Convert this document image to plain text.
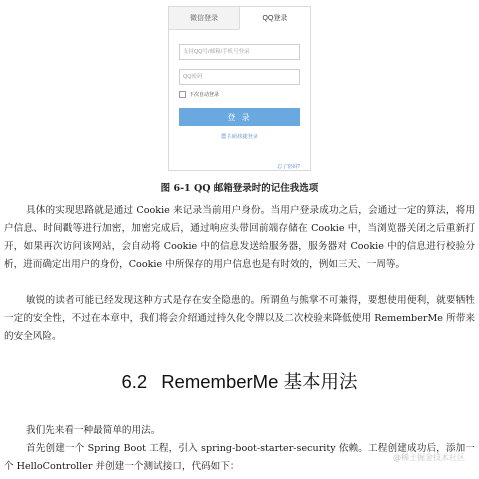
微信登录	QQ登录
支持QQ号/邮箱/手机号登录
QQ密码
下次自动登录
登 录
▦ 扫码快捷登录
忘了密码?
图 6-1 QQ 邮箱登录时的记住我选项

具体的实现思路就是通过 Cookie 来记录当前用户身份。当用户登录成功之后，会通过一定的算法，将用户信息、时间戳等进行加密，加密完成后，通过响应头带回前端存储在 Cookie 中，当浏览器关闭之后重新打开，如果再次访问该网站，会自动将 Cookie 中的信息发送给服务器，服务器对 Cookie 中的信息进行校验分析，进而确定出用户的身份，Cookie 中所保存的用户信息也是有时效的，例如三天、一周等。

敏锐的读者可能已经发现这种方式是存在安全隐患的。所谓鱼与熊掌不可兼得，要想使用便利，就要牺牲一定的安全性，不过在本章中，我们将会介绍通过持久化令牌以及二次校验来降低使用 RememberMe 所带来的安全风险。

6.2 RememberMe 基本用法

我们先来看一种最简单的用法。

首先创建一个 Spring Boot 工程，引入 spring-boot-starter-security 依赖。工程创建成功后，添加一个 HelloController 并创建一个测试接口，代码如下：

@稀土掘金技术社区
